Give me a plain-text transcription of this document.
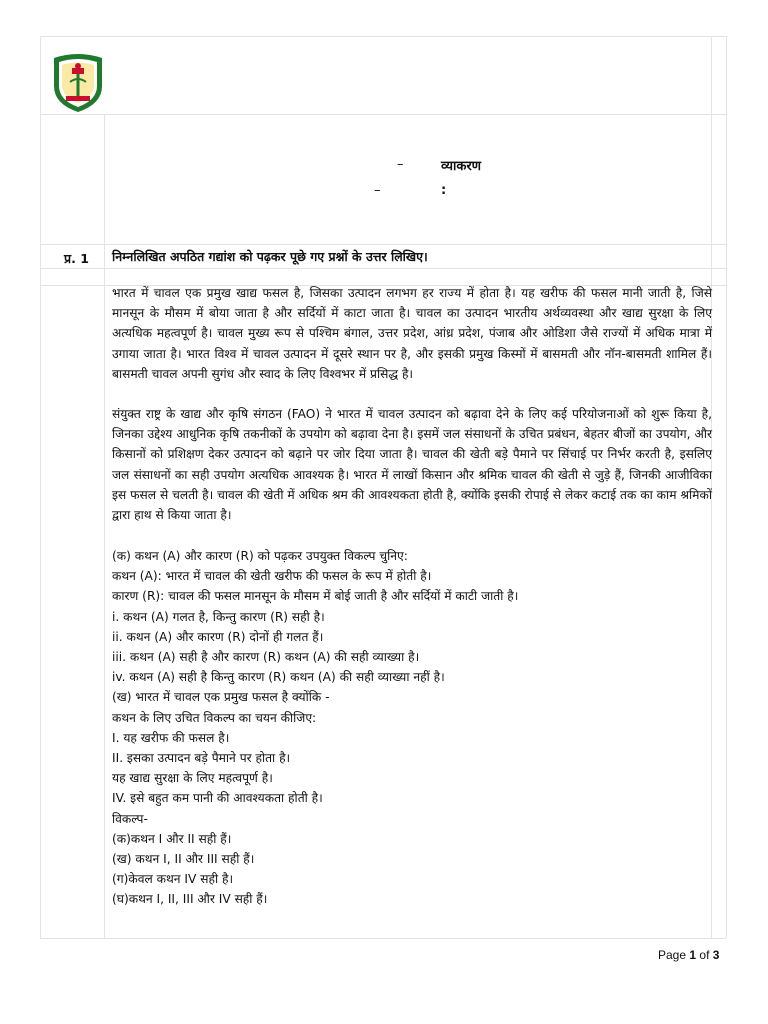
–	व्याकरण
–	:
प्र. 1 निम्नलिखित अपठित गद्यांश को पढ़कर पूछे गए प्रश्नों के उत्तर लिखिए।

भारत में चावल एक प्रमुख खाद्य फसल है, जिसका उत्पादन लगभग हर राज्य में होता है। यह खरीफ की फसल मानी जाती है, जिसे मानसून के मौसम में बोया जाता है और सर्दियों में काटा जाता है। चावल का उत्पादन भारतीय अर्थव्यवस्था और खाद्य सुरक्षा के लिए अत्यधिक महत्वपूर्ण है। चावल मुख्य रूप से पश्चिम बंगाल, उत्तर प्रदेश, आंध्र प्रदेश, पंजाब और ओडिशा जैसे राज्यों में अधिक मात्रा में उगाया जाता है। भारत विश्व में चावल उत्पादन में दूसरे स्थान पर है, और इसकी प्रमुख किस्मों में बासमती और नॉन-बासमती शामिल हैं। बासमती चावल अपनी सुगंध और स्वाद के लिए विश्वभर में प्रसिद्ध है।

संयुक्त राष्ट्र के खाद्य और कृषि संगठन (FAO) ने भारत में चावल उत्पादन को बढ़ावा देने के लिए कई परियोजनाओं को शुरू किया है, जिनका उद्देश्य आधुनिक कृषि तकनीकों के उपयोग को बढ़ावा देना है। इसमें जल संसाधनों के उचित प्रबंधन, बेहतर बीजों का उपयोग, और किसानों को प्रशिक्षण देकर उत्पादन को बढ़ाने पर जोर दिया जाता है। चावल की खेती बड़े पैमाने पर सिंचाई पर निर्भर करती है, इसलिए जल संसाधनों का सही उपयोग अत्यधिक आवश्यक है। भारत में लाखों किसान और श्रमिक चावल की खेती से जुड़े हैं, जिनकी आजीविका इस फसल से चलती है। चावल की खेती में अधिक श्रम की आवश्यकता होती है, क्योंकि इसकी रोपाई से लेकर कटाई तक का काम श्रमिकों द्वारा हाथ से किया जाता है।

(क) कथन (A) और कारण (R) को पढ़कर उपयुक्त विकल्प चुनिए:
कथन (A): भारत में चावल की खेती खरीफ की फसल के रूप में होती है।
कारण (R): चावल की फसल मानसून के मौसम में बोई जाती है और सर्दियों में काटी जाती है।
i. कथन (A) गलत है, किन्तु कारण (R) सही है।
ii. कथन (A) और कारण (R) दोनों ही गलत हैं।
iii. कथन (A) सही है और कारण (R) कथन (A) की सही व्याख्या है।
iv. कथन (A) सही है किन्तु कारण (R) कथन (A) की सही व्याख्या नहीं है।
(ख) भारत में चावल एक प्रमुख फसल है क्योंकि -
कथन के लिए उचित विकल्प का चयन कीजिए:
I. यह खरीफ की फसल है।
II. इसका उत्पादन बड़े पैमाने पर होता है।
यह खाद्य सुरक्षा के लिए महत्वपूर्ण है।
IV. इसे बहुत कम पानी की आवश्यकता होती है।
विकल्प-
(क)कथन I और II सही हैं।
(ख) कथन I, II और III सही हैं।
(ग)केवल कथन IV सही है।
(घ)कथन I, II, III और IV सही हैं।
Page 1 of 3
